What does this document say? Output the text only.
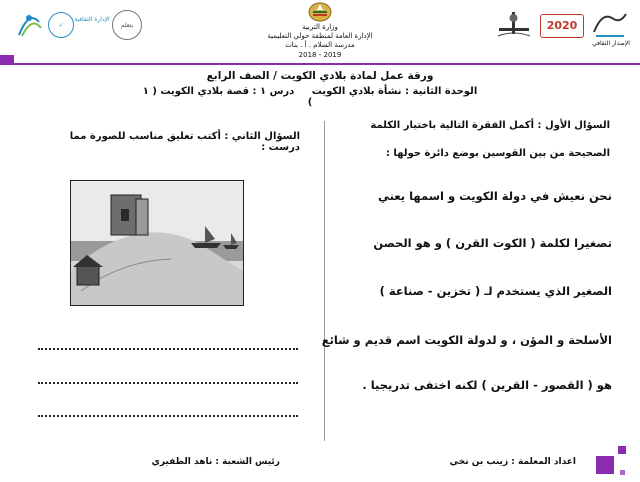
✓
الإدارة الثقافية
يتعلم	وزارة التربية
الإدارة العامة لمنطقة حولي التعليمية
مدرسة السلام . أ . بنات
2019 - 2018
2020
الإصدار الثقافي
ورقة عمل لمادة بلادي الكويت / الصف الرابع
الوحدة الثانية : نشأة بلادي الكويت     درس ١ : قصة بلادي الكويت ( ١ )
السؤال الأول : أكمل الفقرة التالية باختيار الكلمة
الصحيحة من بين القوسين بوضع دائرة حولها :
نحن نعيش في دولة الكويت و اسمها يعني
تصغيرا لكلمة ( الكوت القرن ) و هو الحصن
الصغير الذي يستخدم لـ ( تخزين - صناعة )
الأسلحة و المؤن ، و لدولة الكويت اسم قديم و شائع
هو ( القصور - القرين ) لكنه اختفى تدريجيا .
السؤال الثاني : أكتب تعليق مناسب للصورة مما درست :
اعداد المعلمة : زينب بن نخي
رئيس الشعبة : ناهد الظفيري
